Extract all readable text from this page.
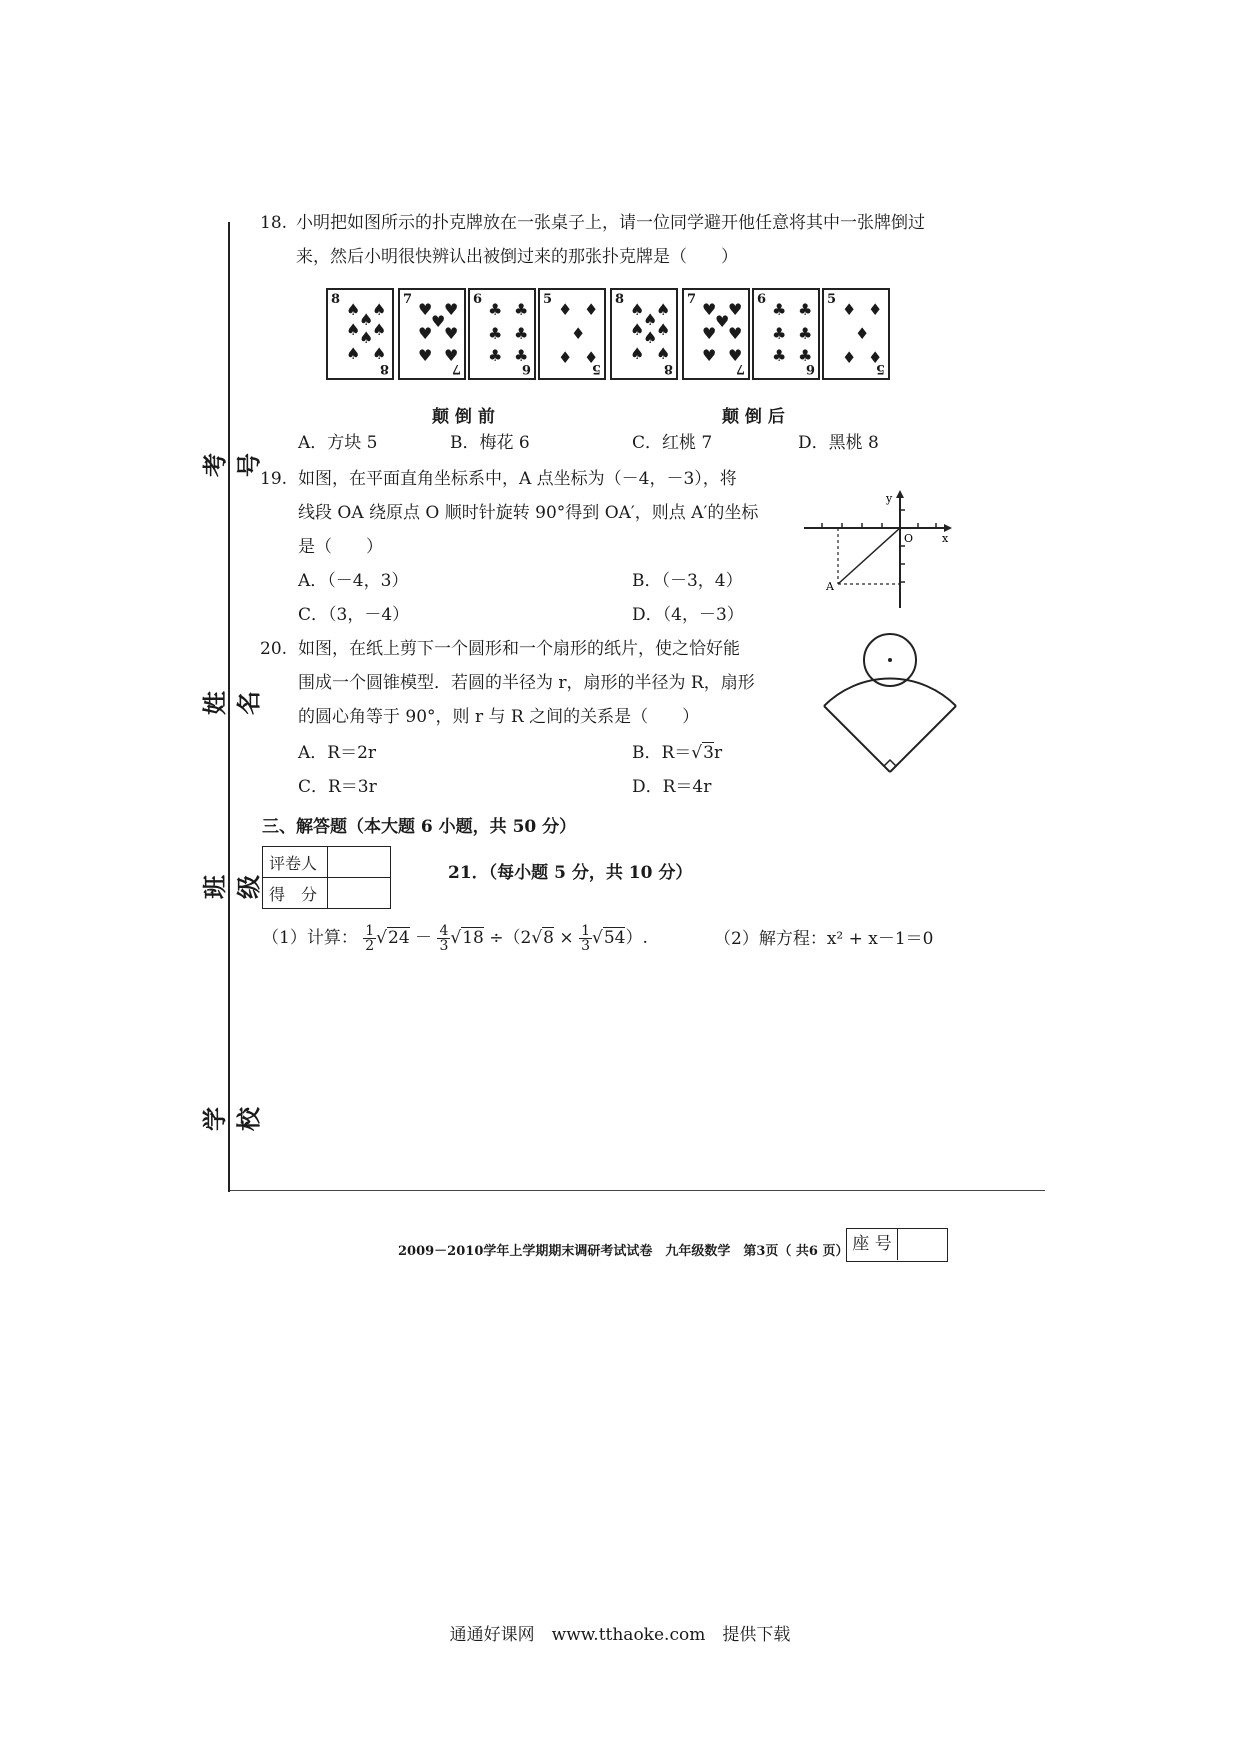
考号
姓名
班级
学校
18. 小明把如图所示的扑克牌放在一张桌子上，请一位同学避开他任意将其中一张牌倒过
来，然后小明很快辨认出被倒过来的那张扑克牌是（　　）
8
8
♠ ♠
♠ ♠
♠
♠ ♠
♠
7
7
♥ ♥
♥
♥ ♥
♥ ♥
6
6
♣ ♣
♣ ♣
♣ ♣
5
5
♦ ♦
♦
♦ ♦
8
8
♠ ♠
♠ ♠
♠
♠ ♠
♠
7
7
♥ ♥
♥
♥ ♥
♥ ♥
6
6
♣ ♣
♣ ♣
♣ ♣
5
5
♦ ♦
♦
♦ ♦
颠 倒 前	颠 倒 后
A．方块 5	B．梅花 6	C．红桃 7	D．黑桃 8
19. 如图，在平面直角坐标系中，A 点坐标为（－4，－3），将
线段 OA 绕原点 O 顺时针旋转 90°得到 OA′，则点 A′的坐标
是（　　）
A．（－4，3）	B．（－3，4）
C．（3，－4）	D．（4，－3）
y
x
O
A
20. 如图，在纸上剪下一个圆形和一个扇形的纸片，使之恰好能
围成一个圆锥模型．若圆的半径为 r，扇形的半径为 R，扇形
的圆心角等于 90°，则 r 与 R 之间的关系是（　　）
A．R＝2r	B．R＝√3r
C．R＝3r	D．R＝4r
三、解答题（本大题 6 小题，共 50 分）
评卷人	
得　分	
21．（每小题 5 分，共 10 分）
（1）计算： $\frac{1}{2} √24 - \frac{4}{3} √18 \div(2√8 \times \frac{1}{3} √54)$.	（2）解方程：x² + x－1＝0
2009－2010学年上学期期末调研考试试卷　九年级数学　第3页（ 共6 页） 座 号
通通好课网　www.tthaoke.com　提供下载
